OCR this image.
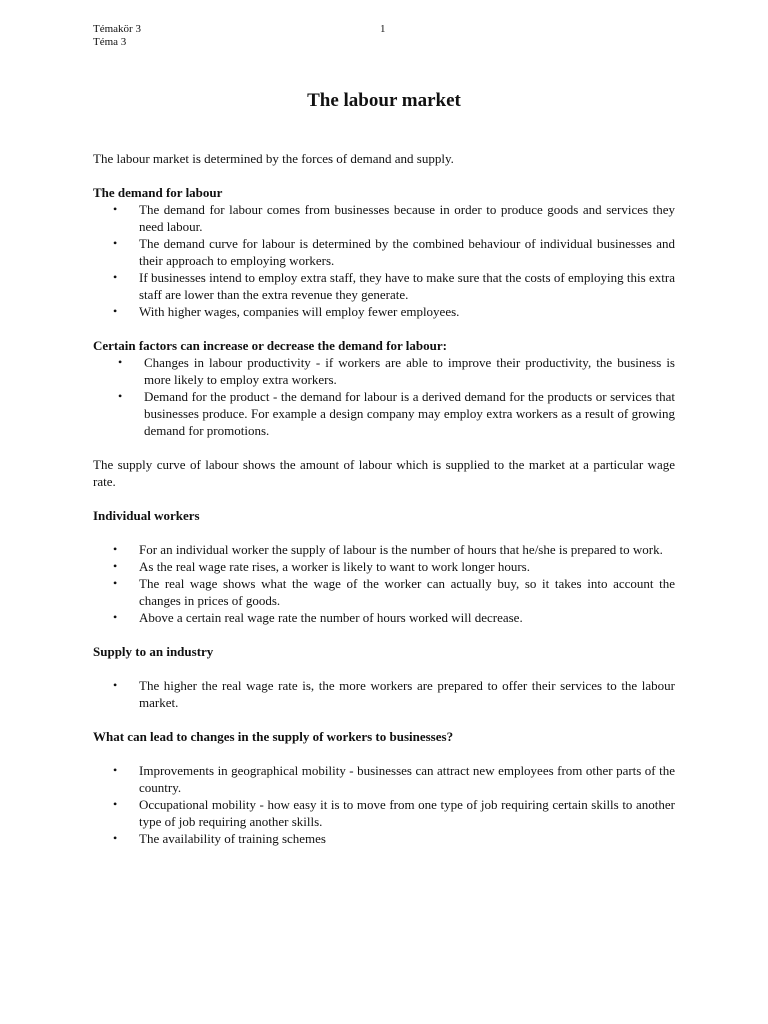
Témakör 3
Téma 3
1
The labour market

The labour market is determined by the forces of demand and supply.

The demand for labour
• The demand for labour comes from businesses because in order to produce goods and services they need labour.
• The demand curve for labour is determined by the combined behaviour of individual businesses and their approach to employing workers.
• If businesses intend to employ extra staff, they have to make sure that the costs of employing this extra staff are lower than the extra revenue they generate.
• With higher wages, companies will employ fewer employees.
Certain factors can increase or decrease the demand for labour:
• Changes in labour productivity - if workers are able to improve their productivity, the business is more likely to employ extra workers.
• Demand for the product - the demand for labour is a derived demand for the products or services that businesses produce. For example a design company may employ extra workers as a result of growing demand for promotions.

The supply curve of labour shows the amount of labour which is supplied to the market at a particular wage rate.

Individual workers
• For an individual worker the supply of labour is the number of hours that he/she is prepared to work.
• As the real wage rate rises, a worker is likely to want to work longer hours.
• The real wage shows what the wage of the worker can actually buy, so it takes into account the changes in prices of goods.
• Above a certain real wage rate the number of hours worked will decrease.
Supply to an industry
• The higher the real wage rate is, the more workers are prepared to offer their services to the labour market.
What can lead to changes in the supply of workers to businesses?
• Improvements in geographical mobility - businesses can attract new employees from other parts of the country.
• Occupational mobility - how easy it is to move from one type of job requiring certain skills to another type of job requiring another skills.
• The availability of training schemes
